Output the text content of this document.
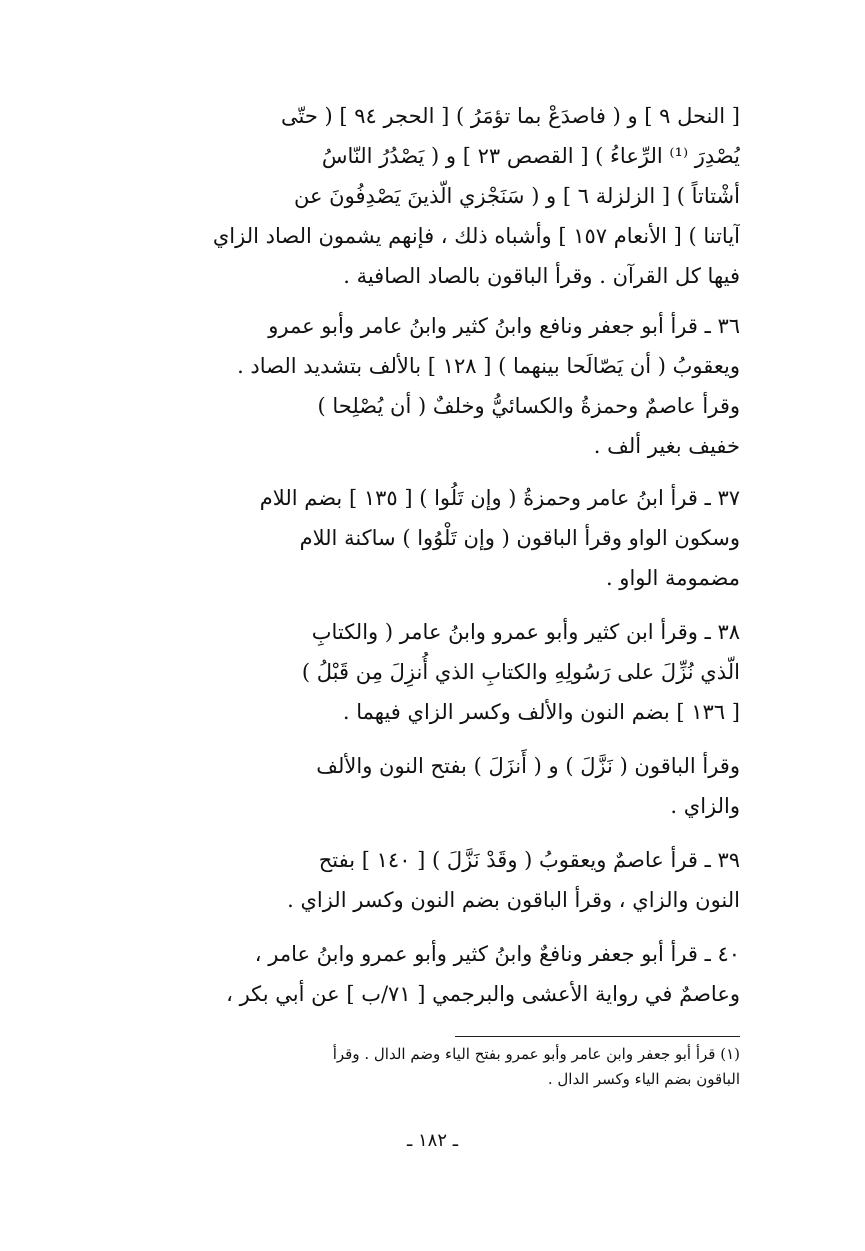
[ النحل ٩ ] و ( فاصدَعْ بما تؤمَرُ ) [ الحجر ٩٤ ] ( حتّى
يُصْدِرَ ⁽¹⁾ الرِّعاءُ ) [ القصص ٢٣ ] و ( يَصْدُرُ النّاسُ
أشْتاتاً ) [ الزلزلة ٦ ] و ( سَنَجْزي الّذينَ يَصْدِفُونَ عن
آياتنا ) [ الأنعام ١٥٧ ] وأشباه ذلك ، فإنهم يشمون الصاد الزاي
فيها كل القرآن . وقرأ الباقون بالصاد الصافية .
٣٦ ـ قرأ أبو جعفر ونافع وابنُ كثير وابنُ عامر وأبو عمرو
ويعقوبُ ( أن يَصّالَحا بينهما ) [ ١٢٨ ] بالألف بتشديد الصاد .
وقرأ عاصمٌ وحمزةُ والكسائيُّ وخلفٌ ( أن يُصْلِحا )
خفيف بغير ألف .
٣٧ ـ قرأ ابنُ عامر وحمزةُ ( وإن تَلُوا ) [ ١٣٥ ] بضم اللام
وسكون الواو وقرأ الباقون ( وإن تَلْوُوا ) ساكنة اللام
مضمومة الواو .
٣٨ ـ وقرأ ابن كثير وأبو عمرو وابنُ عامر ( والكتابِ
الّذي نُزِّلَ على رَسُولِهِ والكتابِ الذي أُنزِلَ مِن قَبْلُ )
[ ١٣٦ ] بضم النون والألف وكسر الزاي فيهما .
وقرأ الباقون ( نَزَّلَ ) و ( أَنزَلَ ) بفتح النون والألف
والزاي .
٣٩ ـ قرأ عاصمٌ ويعقوبُ ( وقَدْ نَزَّلَ ) [ ١٤٠ ] بفتح
النون والزاي ، وقرأ الباقون بضم النون وكسر الزاي .
٤٠ ـ قرأ أبو جعفر ونافعٌ وابنُ كثير وأبو عمرو وابنُ عامر ،
وعاصمٌ في رواية الأعشى والبرجمي [ ٧١/ب ] عن أبي بكر ،
(١) قرأ أبو جعفر وابن عامر وأبو عمرو بفتح الياء وضم الدال . وقرأ
الباقون بضم الياء وكسر الدال .
ـ ١٨٢ ـ
